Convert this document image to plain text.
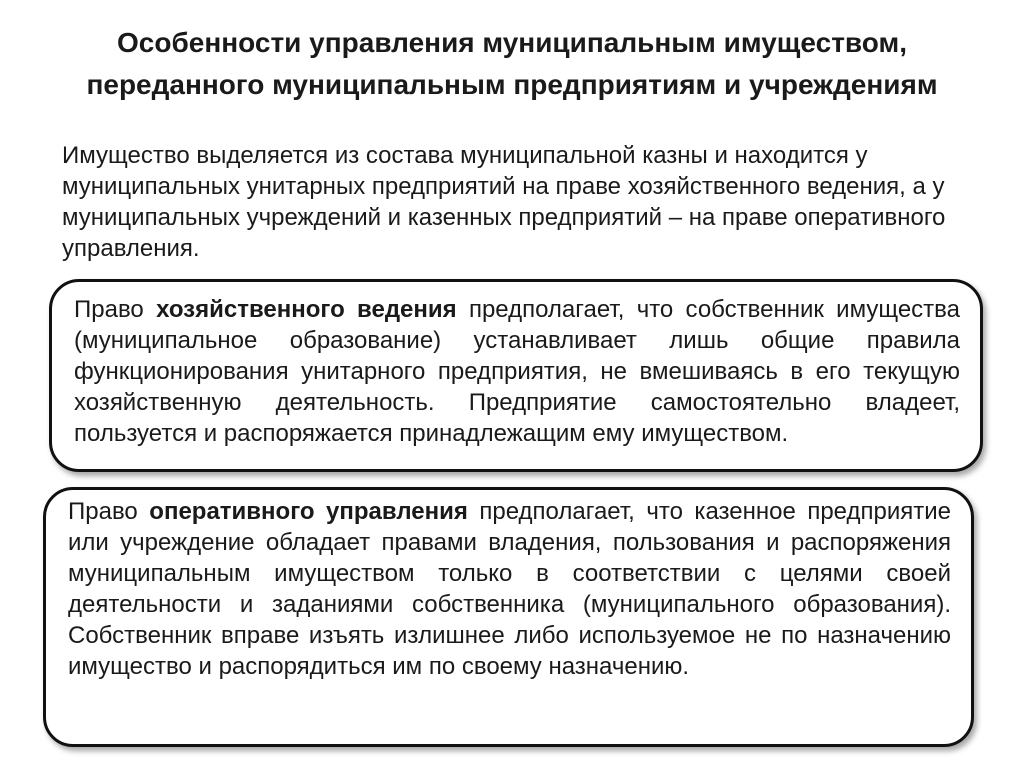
Особенности управления муниципальным имуществом, переданного муниципальным предприятиям и учреждениям

Имущество выделяется из состава муниципальной казны и находится у муниципальных унитарных предприятий на праве хозяйственного ведения, а у муниципальных учреждений и казенных предприятий – на праве оперативного управления.

Право хозяйственного ведения предполагает, что собственник имущества (муниципальное образование) устанавливает лишь общие правила функционирования унитарного предприятия, не вмешиваясь в его текущую хозяйственную деятельность. Предприятие самостоятельно владеет, пользуется и распоряжается принадлежащим ему имуществом.

Право оперативного управления предполагает, что казенное предприятие или учреждение обладает правами владения, пользования и распоряжения муниципальным имуществом только в соответствии с целями своей деятельности и заданиями собственника (муниципального образования). Собственник вправе изъять излишнее либо используемое не по назначению имущество и распорядиться им по своему назначению.
